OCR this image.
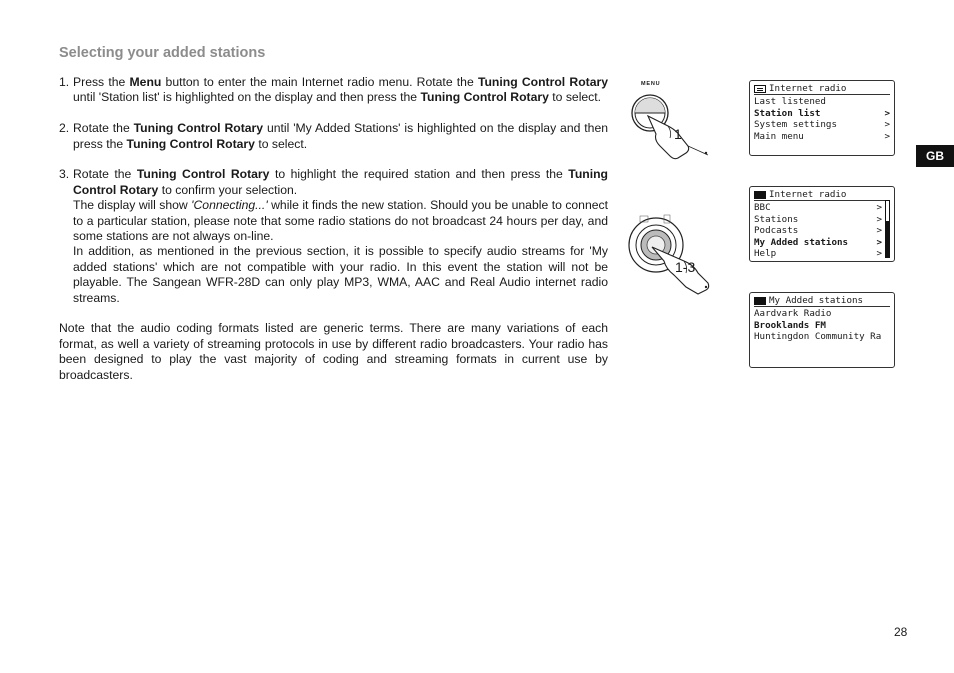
Selecting your added stations
1. Press the Menu button to enter the main Internet radio menu. Rotate the Tuning Control Rotary until 'Station list' is highlighted on the display and then press the Tuning Control Rotary to select.

2. Rotate the Tuning Control Rotary until 'My Added Stations' is highlighted on the display and then press the Tuning Control Rotary to select.

3. Rotate the Tuning Control Rotary to highlight the required station and then press the Tuning Control Rotary to confirm your selection.

The display will show 'Connecting...' while it finds the new station. Should you be unable to connect to a particular station, please note that some radio stations do not broadcast 24 hours per day, and some stations are not always on-line.

In addition, as mentioned in the previous section, it is possible to specify audio streams for 'My added stations' which are not compatible with your radio. In this event the station will not be playable. The Sangean WFR-28D can only play MP3, WMA, AAC and Real Audio internet radio streams.

Note that the audio coding formats listed are generic terms. There are many variations of each format, as well a variety of streaming protocols in use by different radio broadcasters. Your radio has been designed to play the vast majority of coding and streaming formats in current use by broadcasters.

MENU
1
1-3
Internet radio
Last listened
Station list	>
System settings	>
Main menu	>
Internet radio
BBC	>
Stations	>
Podcasts	>
My Added stations	>
Help	>
My Added stations
Aardvark Radio
Brooklands FM
Huntingdon Community Ra
GB
28
